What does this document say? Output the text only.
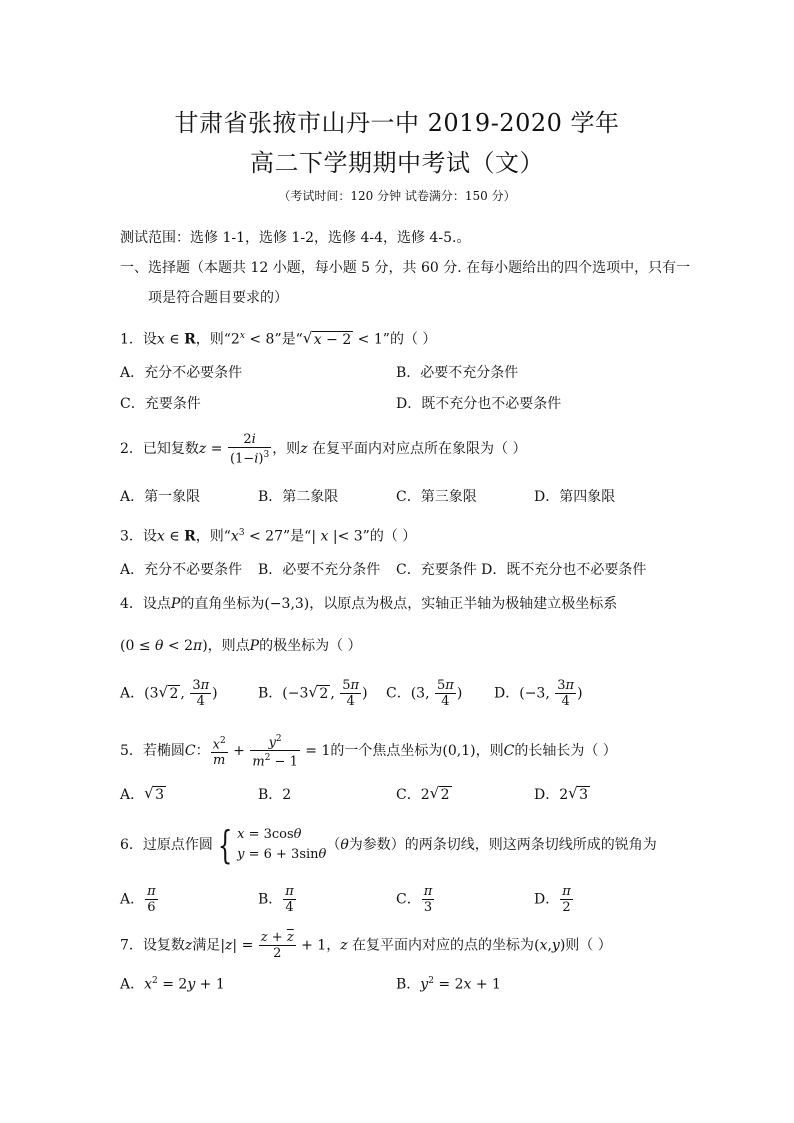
甘肃省张掖市山丹一中 2019-2020 学年
高二下学期期中考试（文）
（考试时间：120 分钟 试卷满分：150 分）
测试范围：选修 1-1，选修 1-2，选修 4-4，选修 4-5.。
一、选择题（本题共 12 小题，每小题 5 分，共 60 分. 在每小题给出的四个选项中，只有一
项是符合题目要求的）
1．设x ∈ R，则“$2^x < 8$”是“ √ x − 2 < 1”的（ ）
A．充分不必要条件	B．必要不充分条件
C．充要条件	D．既不充分也不必要条件
2．已知复数$z = \frac{2i}{(1-i)^3}$ ，则z 在复平面内对应点所在象限为（ ）
A．第一象限	B．第二象限	C．第三象限	D．第四象限
3．设x ∈ R，则“$x^3 < 27$”是“| x |< 3”的（ ）
A．充分不必要条件 B．必要不充分条件 C．充要条件 D．既不充分也不必要条件
4．设点P的直角坐标为(−3,3)，以原点为极点，实轴正半轴为极轴建立极坐标系
(0 ≤ θ < 2π)，则点P的极坐标为（ ）
A．(3 √ 2 , $\frac{3\pi}{4}$ )	B．(−3 √ 2 , $\frac{5\pi}{4}$ ) C．(3, $\frac{5\pi}{4}$ ) D．(−3, $\frac{3\pi}{4}$ )
5．若椭圆C： $\frac{x^2}{m} + \frac{y^2}{m^2 - 1} = 1$的一个焦点坐标为(0,1)，则C的长轴长为（ ）
A． √ 3	B．2	C．2 √ 2	D．2 √ 3
6．过原点作圆 { x = 3cosθ
y = 6 + 3sinθ（θ为参数）的两条切线，则这两条切线所成的锐角为
A． $\frac{\pi}{6}$	B． $\frac{\pi}{4}$	C． $\frac{\pi}{3}$	D． $\frac{\pi}{2}$
7．设复数z满足$|z| = \frac{z + \overline{z}}{2} + 1$，z 在复平面内对应的点的坐标为(x,y)则（ ）
A．$x^2 = 2y + 1$	B．$y^2 = 2x + 1$
